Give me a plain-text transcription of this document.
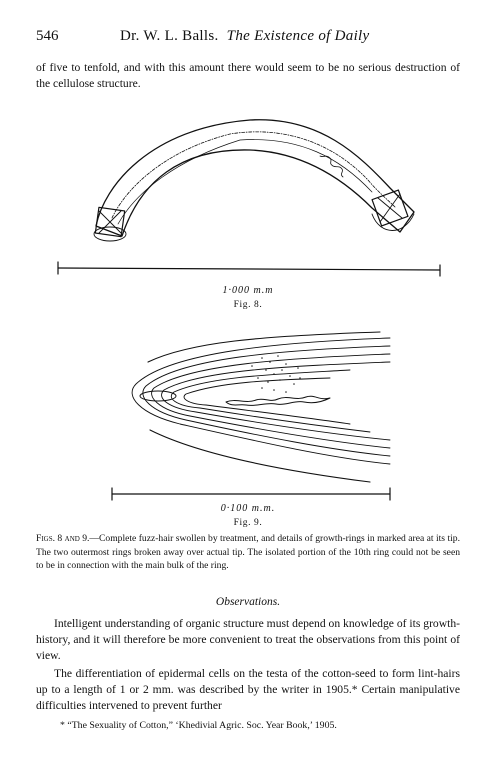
546	Dr. W. L. Balls. The Existence of Daily
of five to tenfold, and with this amount there would seem to be no serious destruction of the cellulose structure.
1·000 m.m
Fig. 8.
0·100 m.m.
Fig. 9.
Figs. 8 and 9.—Complete fuzz-hair swollen by treatment, and details of growth-rings in marked area at its tip. The two outermost rings broken away over actual tip. The isolated portion of the 10th ring could not be seen to be in connection with the main bulk of the ring.
Observations.
Intelligent understanding of organic structure must depend on knowledge of its growth-history, and it will therefore be more convenient to treat the observations from this point of view.
The differentiation of epidermal cells on the testa of the cotton-seed to form lint-hairs up to a length of 1 or 2 mm. was described by the writer in 1905.* Certain manipulative difficulties intervened to prevent further
* “The Sexuality of Cotton,” ‘Khedivial Agric. Soc. Year Book,’ 1905.
